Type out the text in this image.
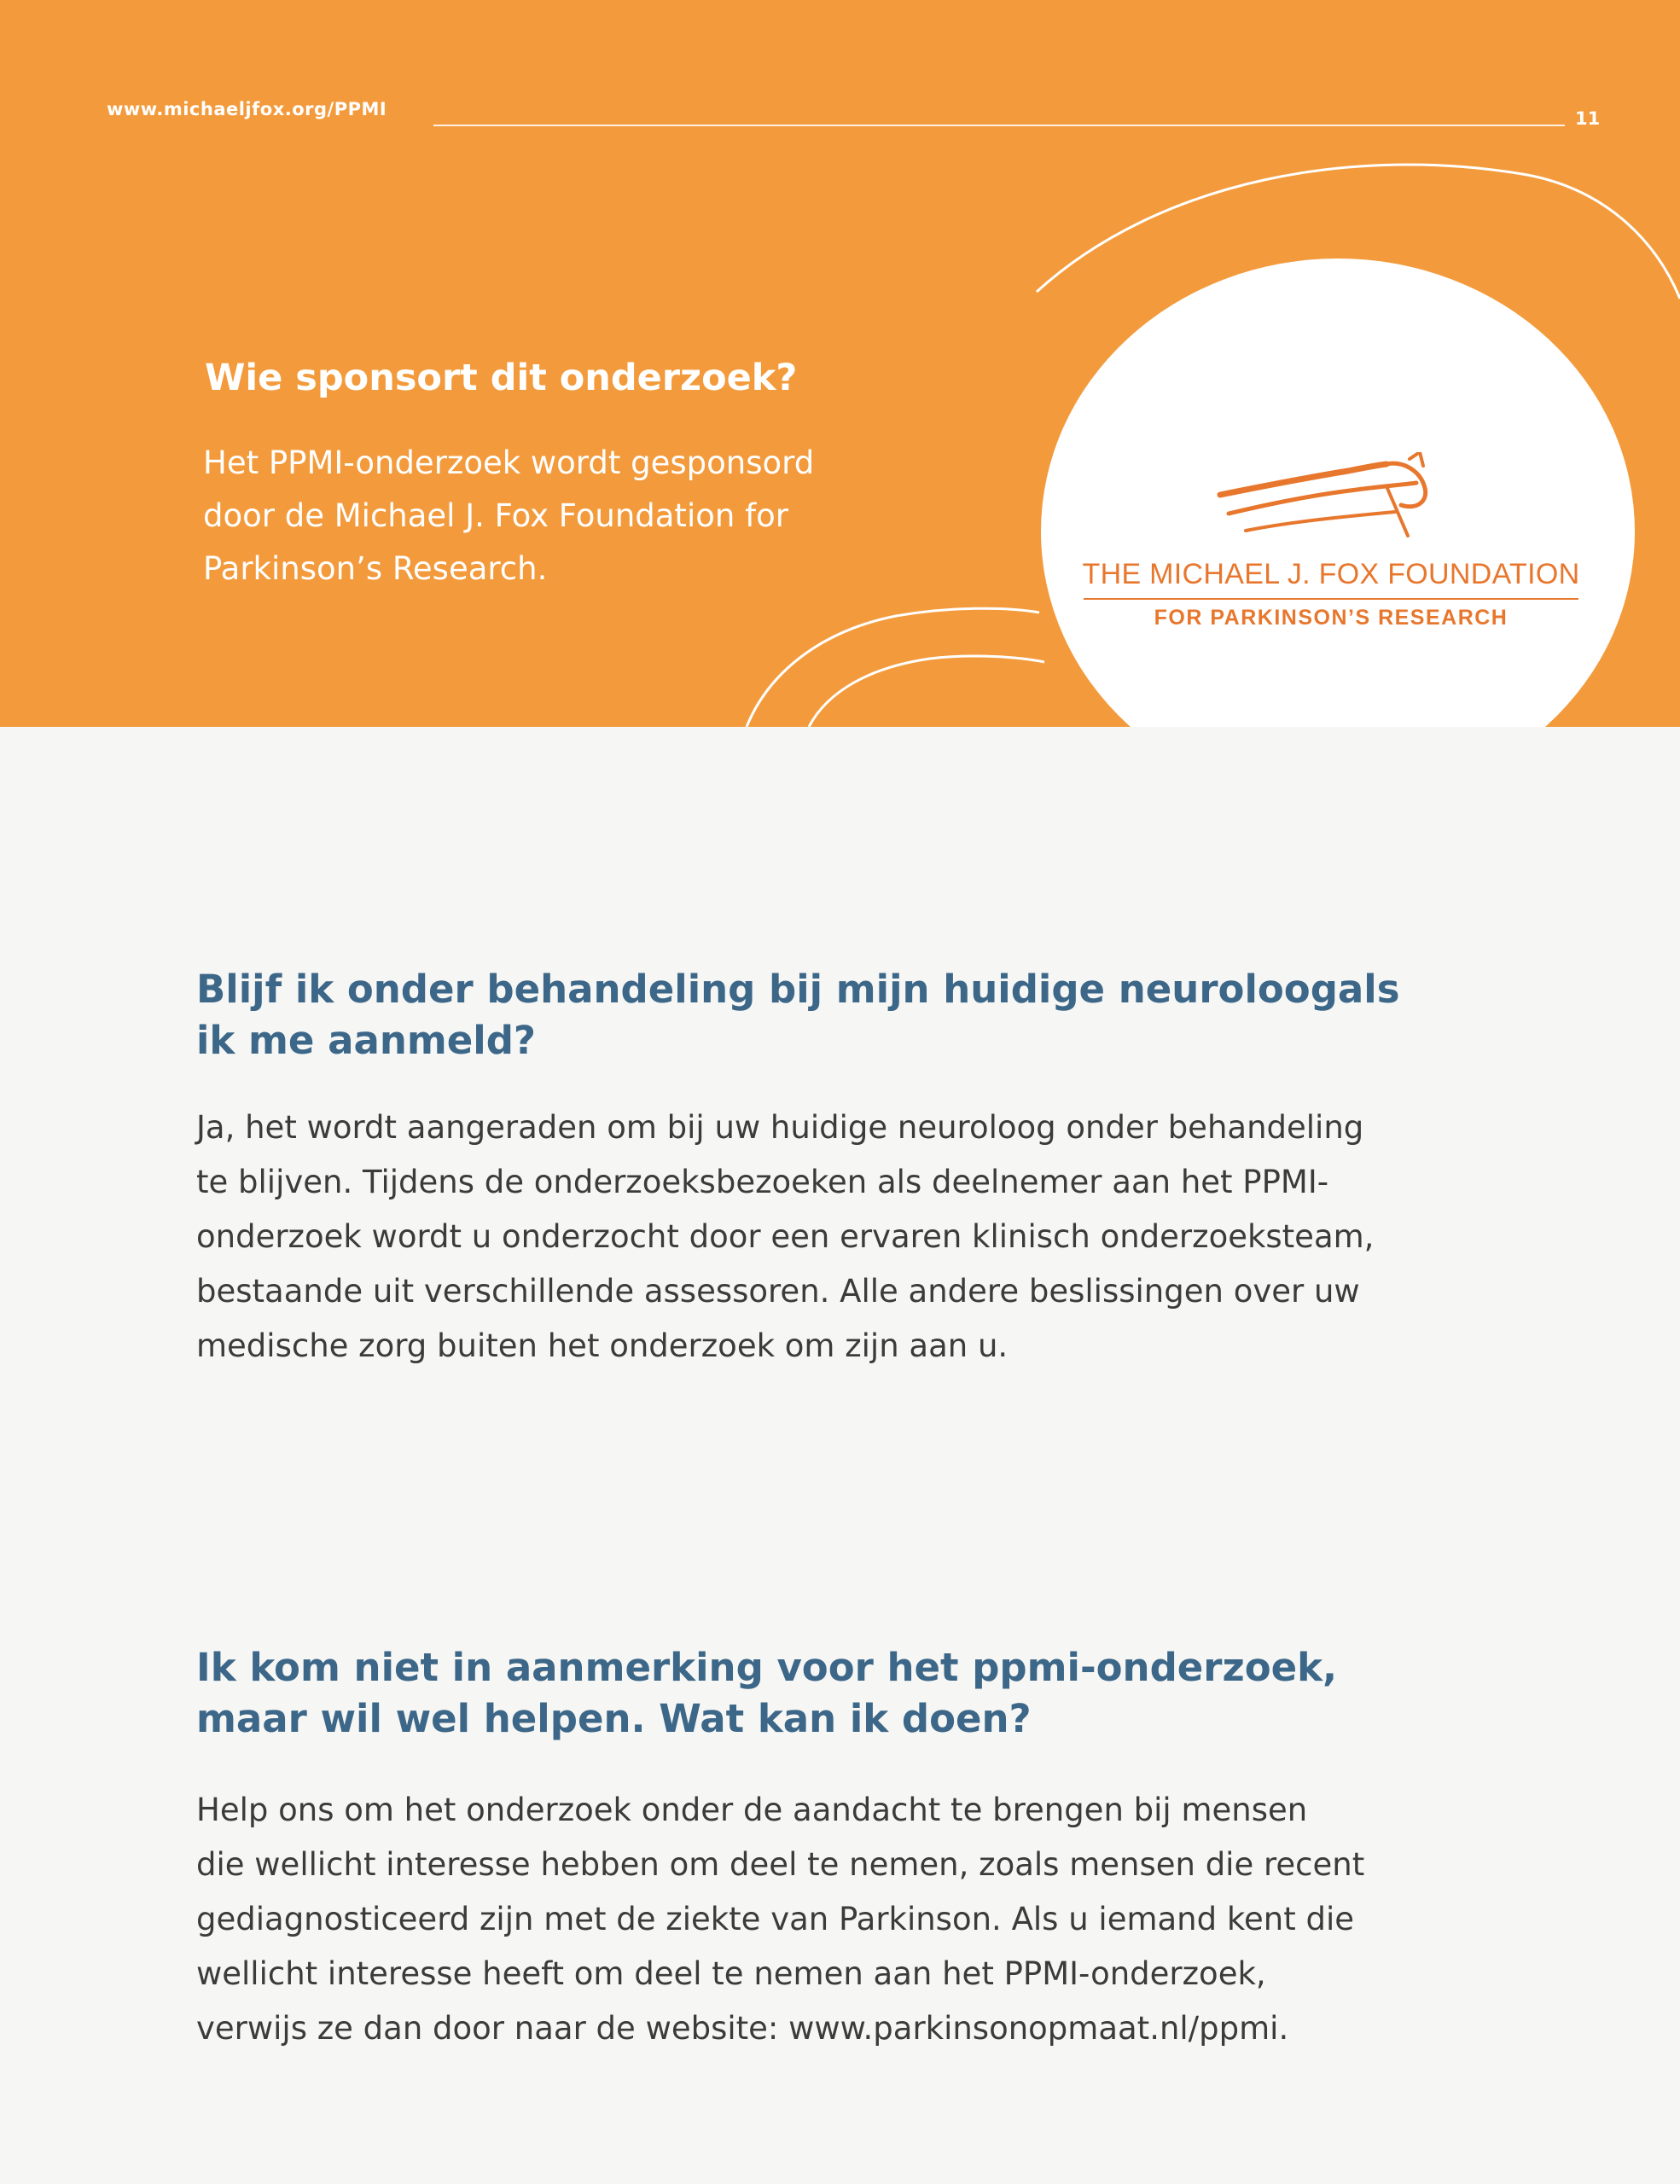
www.michaeljfox.org/PPMI	11
Wie sponsort dit onderzoek?
Het PPMI-onderzoek wordt gesponsord
door de Michael J. Fox Foundation for
Parkinson’s Research.	THE MICHAEL J. FOX FOUNDATION
FOR PARKINSON’S RESEARCH
Blijf ik onder behandeling bij mijn huidige neuroloogals
ik me aanmeld?
Ja, het wordt aangeraden om bij uw huidige neuroloog onder behandeling
te blijven. Tijdens de onderzoeksbezoeken als deelnemer aan het PPMI-
onderzoek wordt u onderzocht door een ervaren klinisch onderzoeksteam,
bestaande uit verschillende assessoren. Alle andere beslissingen over uw
medische zorg buiten het onderzoek om zijn aan u.
Ik kom niet in aanmerking voor het ppmi-onderzoek,
maar wil wel helpen. Wat kan ik doen?
Help ons om het onderzoek onder de aandacht te brengen bij mensen
die wellicht interesse hebben om deel te nemen, zoals mensen die recent
gediagnosticeerd zijn met de ziekte van Parkinson. Als u iemand kent die
wellicht interesse heeft om deel te nemen aan het PPMI-onderzoek,
verwijs ze dan door naar de website: www.parkinsonopmaat.nl/ppmi.
